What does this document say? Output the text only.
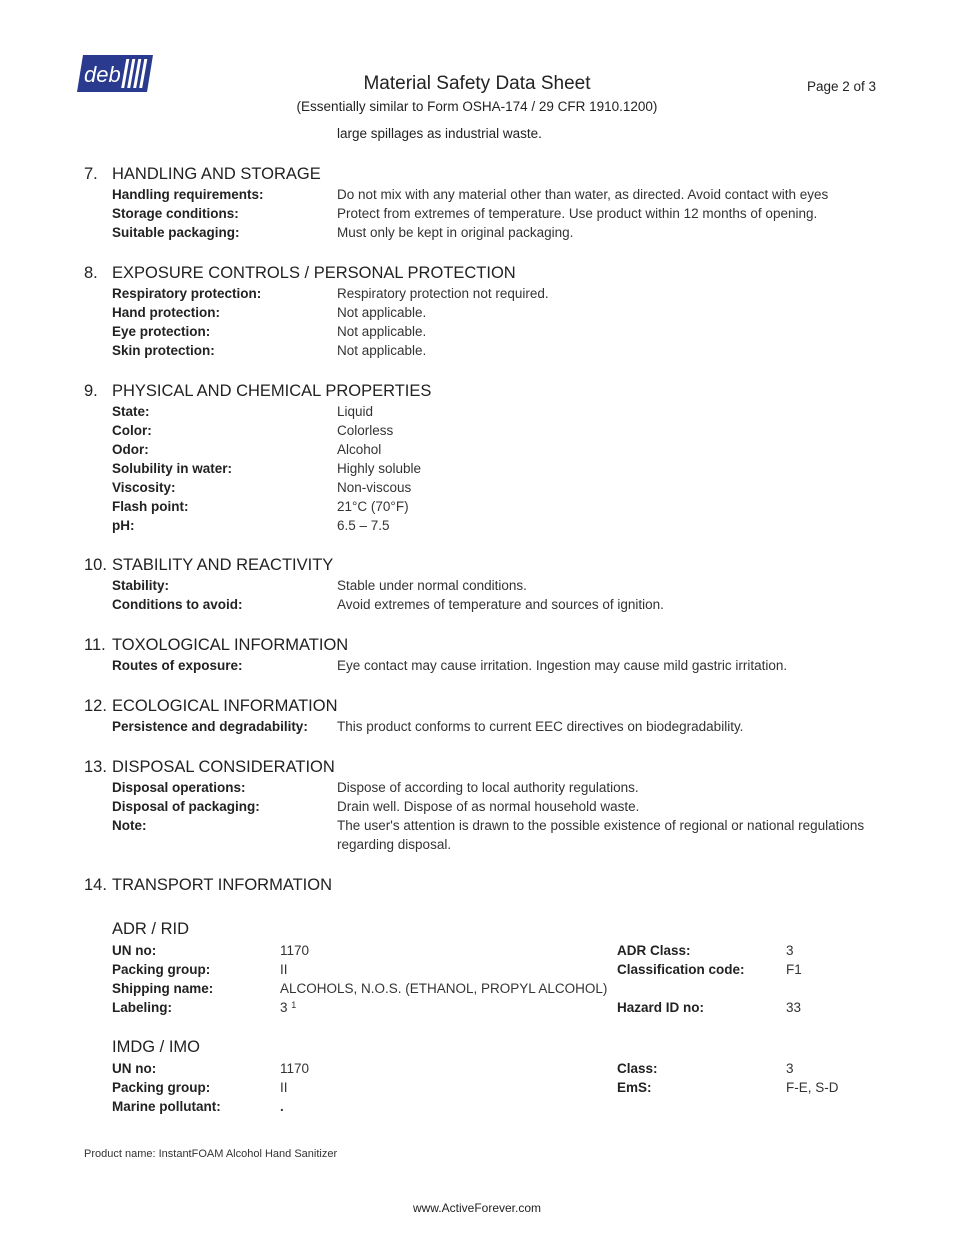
deb	Material Safety Data Sheet
(Essentially similar to Form OSHA-174 / 29 CFR 1910.1200)
Page 2 of 3
large spillages as industrial waste.
7. HANDLING AND STORAGE
Handling requirements:	Do not mix with any material other than water, as directed. Avoid contact with eyes
Storage conditions:	Protect from extremes of temperature. Use product within 12 months of opening.
Suitable packaging:	Must only be kept in original packaging.
8. EXPOSURE CONTROLS / PERSONAL PROTECTION
Respiratory protection:	Respiratory protection not required.
Hand protection:	Not applicable.
Eye protection:	Not applicable.
Skin protection:	Not applicable.
9. PHYSICAL AND CHEMICAL PROPERTIES
State:	Liquid
Color:	Colorless
Odor:	Alcohol
Solubility in water:	Highly soluble
Viscosity:	Non-viscous
Flash point:	21°C (70°F)
pH:	6.5 – 7.5
10. STABILITY AND REACTIVITY
Stability:	Stable under normal conditions.
Conditions to avoid:	Avoid extremes of temperature and sources of ignition.
11. TOXOLOGICAL INFORMATION
Routes of exposure:	Eye contact may cause irritation. Ingestion may cause mild gastric irritation.
12. ECOLOGICAL INFORMATION
Persistence and degradability: This product conforms to current EEC directives on biodegradability.
13. DISPOSAL CONSIDERATION
Disposal operations:	Dispose of according to local authority regulations.
Disposal of packaging:	Drain well. Dispose of as normal household waste.
Note:	The user's attention is drawn to the possible existence of regional or national regulations regarding disposal.
14. TRANSPORT INFORMATION
ADR / RID
UN no:	1170	ADR Class:	3
Packing group:	II	Classification code:	F1
Shipping name:	ALCOHOLS, N.O.S. (ETHANOL, PROPYL ALCOHOL)
Labeling:	3 $^1$	Hazard ID no:	33
IMDG / IMO
UN no:	1170	Class:	3
Packing group:	II	EmS:	F-E, S-D
Marine pollutant:	.
Product name: InstantFOAM Alcohol Hand Sanitizer
www.ActiveForever.com
